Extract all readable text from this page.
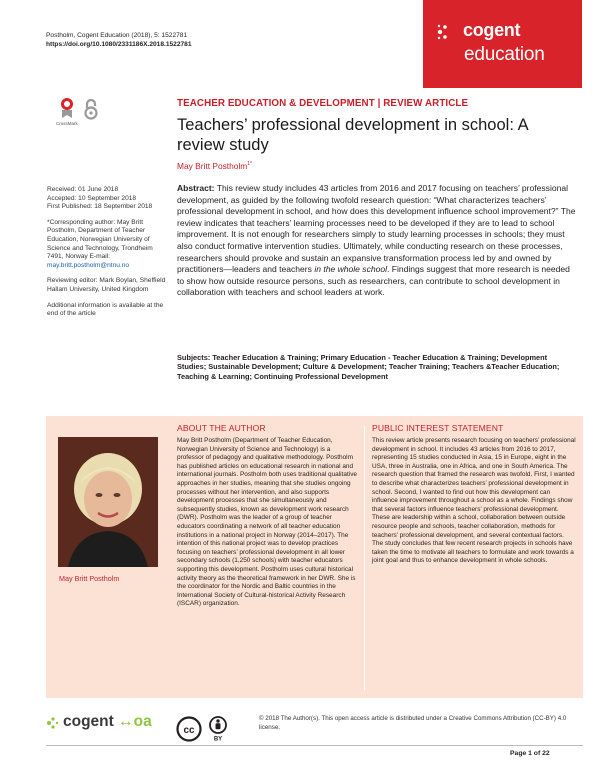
Postholm, Cogent Education (2018), 5: 1522781
https://doi.org/10.1080/2331186X.2018.1522781
cogent
education
CrossMark

Received: 01 June 2018
Accepted: 10 September 2018
First Published: 18 September 2018

*Corresponding author: May Britt Postholm, Department of Teacher Education, Norwegian University of Science and Technology, Trondheim 7491, Norway E-mail: may.britt.postholm@ntnu.no

Reviewing editor: Mark Boylan, Sheffield Hallam University, United Kingdom

Additional information is available at the end of the article

TEACHER EDUCATION & DEVELOPMENT | REVIEW ARTICLE
Teachers’ professional development in school: A review study
May Britt Postholm$^{1*}$
Abstract: This review study includes 43 articles from 2016 and 2017 focusing on teachers’ professional development, as guided by the following twofold research question: “What characterizes teachers’ professional development in school, and how does this development influence school improvement?” The review indicates that teachers’ learning processes need to be developed if they are to lead to school improvement. It is not enough for researchers simply to study learning processes in schools; they must also conduct formative intervention studies. Ultimately, while conducting research on these processes, researchers should provoke and sustain an expansive transformation process led by and owned by practitioners—leaders and teachers in the whole school. Findings suggest that more research is needed to show how outside resource persons, such as researchers, can contribute to school development in collaboration with teachers and school leaders at work.
Subjects: Teacher Education & Training; Primary Education - Teacher Education & Training; Development Studies; Sustainable Development; Culture & Development; Teacher Training; Teachers &Teacher Education; Teaching & Learning; Continuing Professional Development
ABOUT THE AUTHOR	PUBLIC INTEREST STATEMENT
May Britt Postholm
May Britt Postholm (Department of Teacher Education, Norwegian University of Science and Technology) is a professor of pedagogy and qualitative methodology. Postholm has published articles on educational research in national and international journals. Postholm both uses traditional qualitative approaches in her studies, meaning that she studies ongoing processes without her intervention, and also supports development processes that she simultaneously and subsequently studies, known as development work research (DWR). Postholm was the leader of a group of teacher educators coordinating a network of all teacher education institutions in a national project in Norway (2014–2017). The intention of this national project was to develop practices focusing on teachers’ professional development in all lower secondary schools (1,250 schools) with teacher educators supporting this development. Postholm uses cultural historical activity theory as the theoretical framework in her DWR. She is the coordinator for the Nordic and Baltic countries in the International Society of Cultural-historical Activity Research (ISCAR) organization.
This review article presents research focusing on teachers’ professional development in school. It includes 43 articles from 2016 to 2017, representing 15 studies conducted in Asia, 15 in Europe, eight in the USA, three in Australia, one in Africa, and one in South America. The research question that framed the research was twofold. First, I wanted to describe what characterizes teachers’ professional development in school. Second, I wanted to find out how this development can influence improvement throughout a school as a whole. Findings show that several factors influence teachers’ professional development. These are leadership within a school, collaboration between outside resource people and schools, teacher collaboration, methods for teachers’ professional development, and several contextual factors. The study concludes that few recent research projects in schools have taken the time to motivate all teachers to formulate and work towards a joint goal and thus to enhance development in whole schools.
cogent ↔oa
cc
BY
© 2018 The Author(s). This open access article is distributed under a Creative Commons Attribution (CC-BY) 4.0 license.
Page 1 of 22
